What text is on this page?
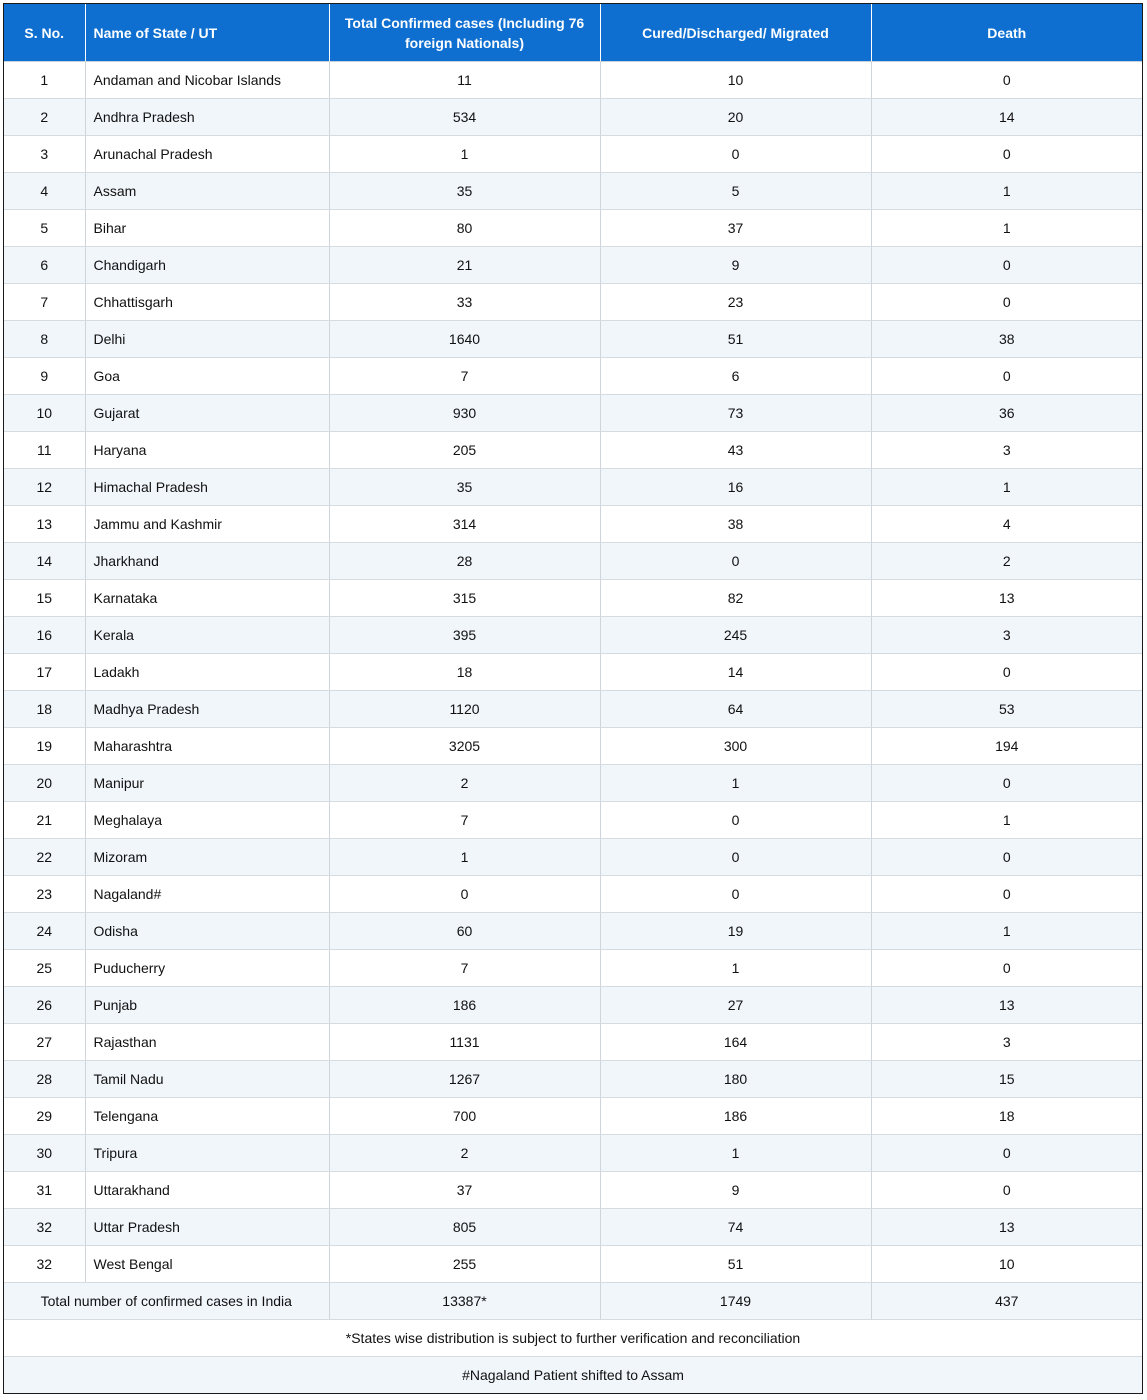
S. No.	Name of State / UT	Total Confirmed cases (Including 76 foreign Nationals)	Cured/Discharged/ Migrated	Death
1	Andaman and Nicobar Islands	11	10	0
2	Andhra Pradesh	534	20	14
3	Arunachal Pradesh	1	0	0
4	Assam	35	5	1
5	Bihar	80	37	1
6	Chandigarh	21	9	0
7	Chhattisgarh	33	23	0
8	Delhi	1640	51	38
9	Goa	7	6	0
10	Gujarat	930	73	36
11	Haryana	205	43	3
12	Himachal Pradesh	35	16	1
13	Jammu and Kashmir	314	38	4
14	Jharkhand	28	0	2
15	Karnataka	315	82	13
16	Kerala	395	245	3
17	Ladakh	18	14	0
18	Madhya Pradesh	1120	64	53
19	Maharashtra	3205	300	194
20	Manipur	2	1	0
21	Meghalaya	7	0	1
22	Mizoram	1	0	0
23	Nagaland#	0	0	0
24	Odisha	60	19	1
25	Puducherry	7	1	0
26	Punjab	186	27	13
27	Rajasthan	1131	164	3
28	Tamil Nadu	1267	180	15
29	Telengana	700	186	18
30	Tripura	2	1	0
31	Uttarakhand	37	9	0
32	Uttar Pradesh	805	74	13
32	West Bengal	255	51	10
Total number of confirmed cases in India		13387*	1749	437
*States wise distribution is subject to further verification and reconciliation				
#Nagaland Patient shifted to Assam				
